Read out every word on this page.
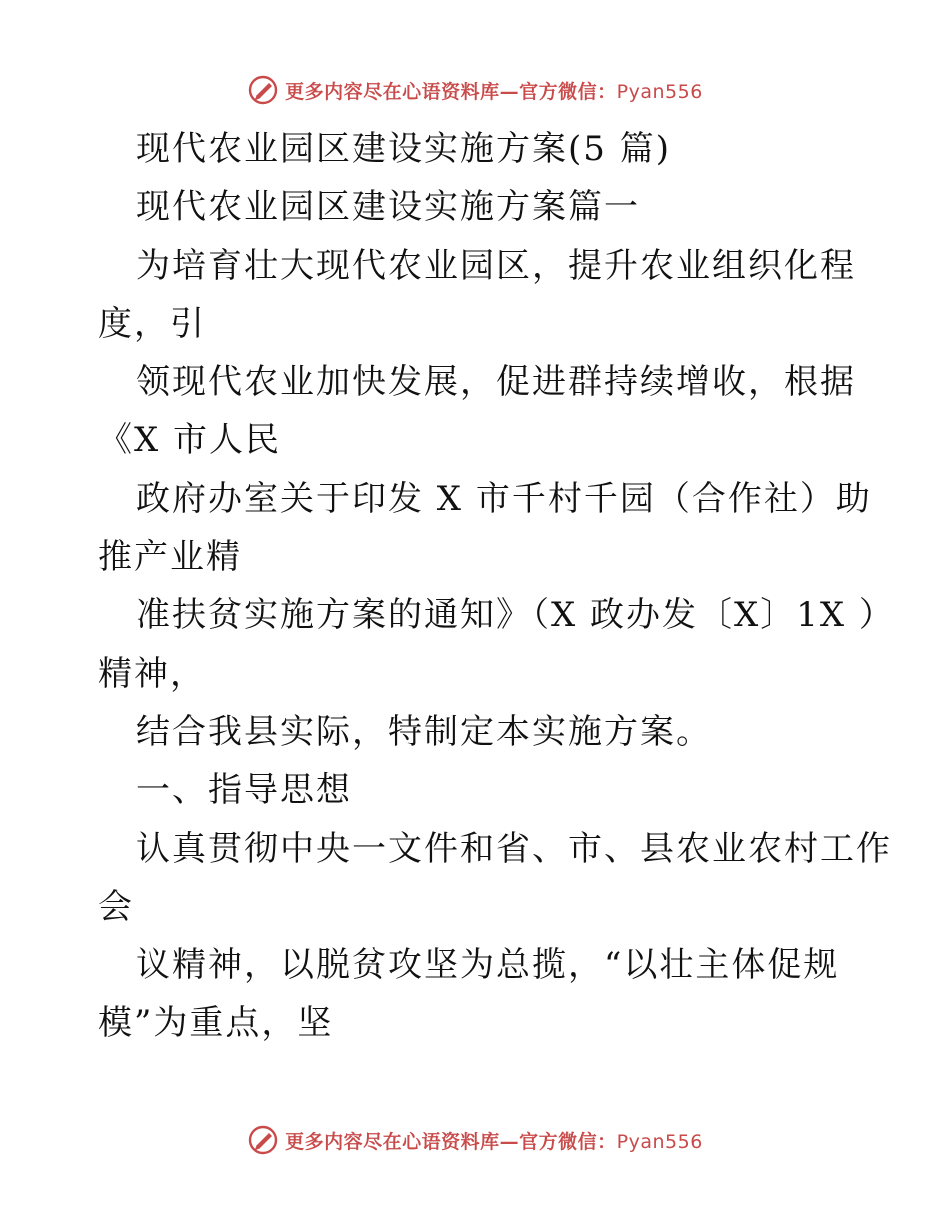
更多内容尽在心语资料库—官方微信：Pyan556
现代农业园区建设实施方案(5 篇)
现代农业园区建设实施方案篇一
为培育壮大现代农业园区，提升农业组织化程
度，引
领现代农业加快发展，促进群持续增收，根据
《X 市人民
政府办室关于印发 X 市千村千园（合作社）助
推产业精
准扶贫实施方案的通知》（X 政办发〔X〕1X ）
精神，
结合我县实际，特制定本实施方案。
一、指导思想
认真贯彻中央一文件和省、市、县农业农村工作
会
议精神，以脱贫攻坚为总揽，“以壮主体促规
模”为重点，坚
更多内容尽在心语资料库—官方微信：Pyan556
